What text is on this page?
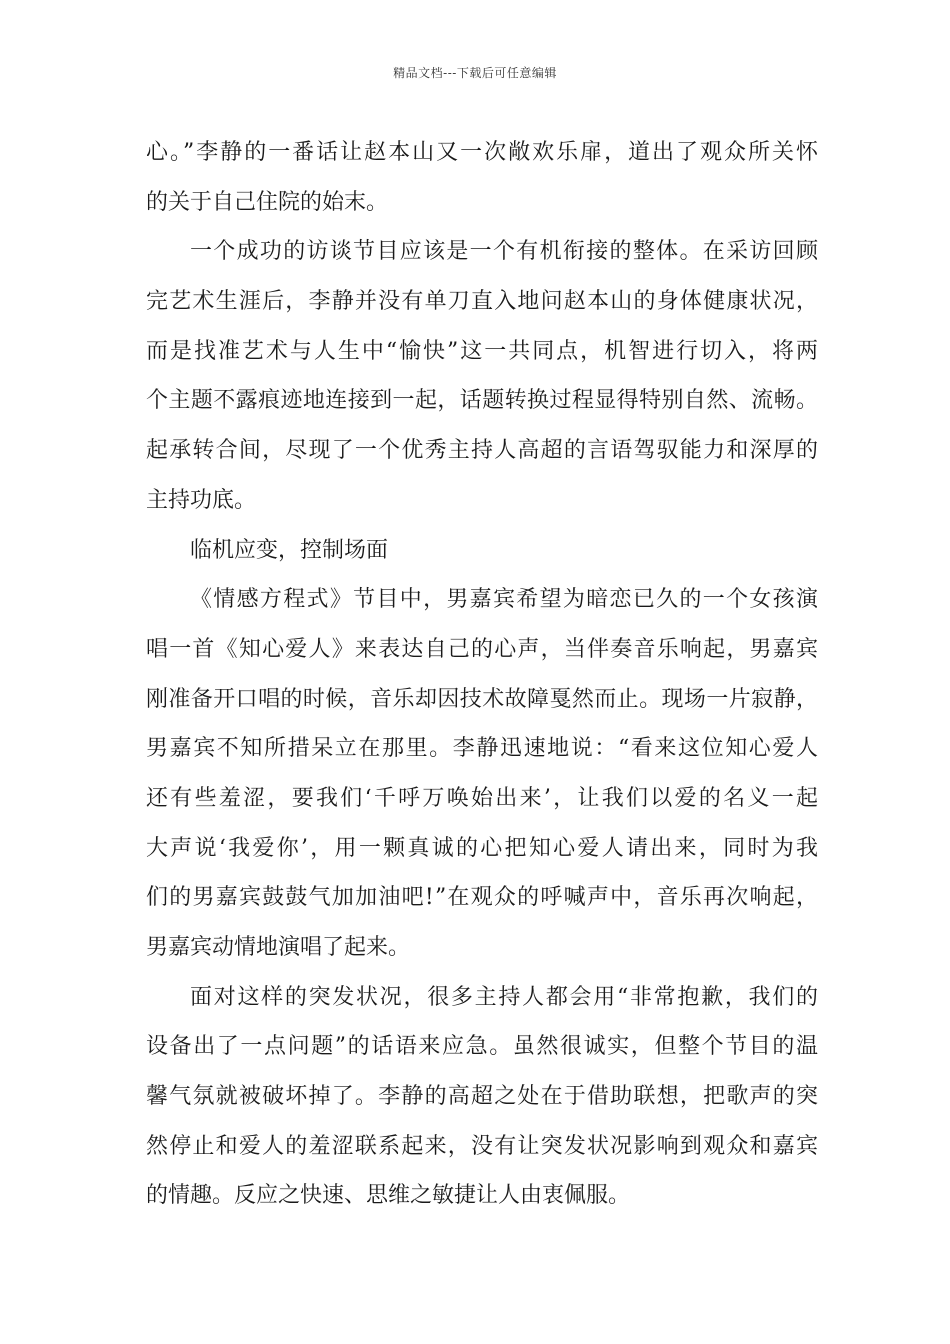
精品文档---下载后可任意编辑
心。”李静的一番话让赵本山又一次敞欢乐扉，道出了观众所关怀
的关于自己住院的始末。
一个成功的访谈节目应该是一个有机衔接的整体。在采访回顾
完艺术生涯后，李静并没有单刀直入地问赵本山的身体健康状况，
而是找准艺术与人生中“愉快”这一共同点，机智进行切入，将两
个主题不露痕迹地连接到一起，话题转换过程显得特别自然、流畅。
起承转合间，尽现了一个优秀主持人高超的言语驾驭能力和深厚的
主持功底。
临机应变，控制场面
《情感方程式》节目中，男嘉宾希望为暗恋已久的一个女孩演
唱一首《知心爱人》来表达自己的心声，当伴奏音乐响起，男嘉宾
刚准备开口唱的时候，音乐却因技术故障戛然而止。现场一片寂静，
男嘉宾不知所措呆立在那里。李静迅速地说：“看来这位知心爱人
还有些羞涩，要我们‘千呼万唤始出来’，让我们以爱的名义一起
大声说‘我爱你’，用一颗真诚的心把知心爱人请出来，同时为我
们的男嘉宾鼓鼓气加加油吧!”在观众的呼喊声中，音乐再次响起，
男嘉宾动情地演唱了起来。
面对这样的突发状况，很多主持人都会用“非常抱歉，我们的
设备出了一点问题”的话语来应急。虽然很诚实，但整个节目的温
馨气氛就被破坏掉了。李静的高超之处在于借助联想，把歌声的突
然停止和爱人的羞涩联系起来，没有让突发状况影响到观众和嘉宾
的情趣。反应之快速、思维之敏捷让人由衷佩服。
